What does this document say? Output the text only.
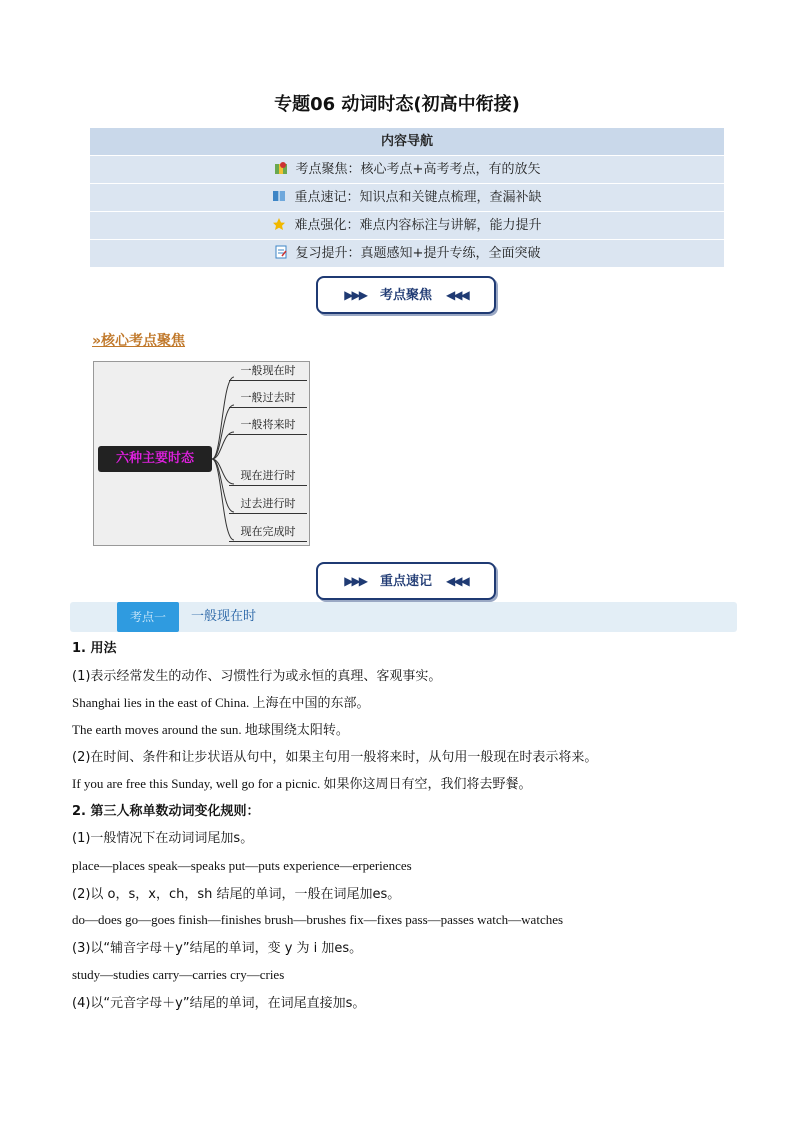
专题06 动词时态(初高中衔接)
内容导航
考点聚焦：核心考点+高考考点，有的放矢
重点速记：知识点和关键点梳理，查漏补缺
难点强化：难点内容标注与讲解，能力提升
复习提升：真题感知+提升专练，全面突破
▶▶▶ 考点聚焦 ◀◀◀
»核心考点聚焦
六种主要时态
一般现在时
一般过去时
一般将来时
现在进行时
过去进行时
现在完成时
▶▶▶ 重点速记 ◀◀◀
考点一	一般现在时
1. 用法
(1)表示经常发生的动作、习惯性行为或永恒的真理、客观事实。
Shanghai lies in the east of China. 上海在中国的东部。
The earth moves around the sun. 地球围绕太阳转。
(2)在时间、条件和让步状语从句中，如果主句用一般将来时，从句用一般现在时表示将来。
If you are free this Sunday, well go for a picnic. 如果你这周日有空，我们将去野餐。
2. 第三人称单数动词变化规则：
(1)一般情况下在动词词尾加s。
place—places speak—speaks put—puts experience—erperiences
(2)以 o，s，x，ch，sh 结尾的单词，一般在词尾加es。
do—does go—goes finish—finishes brush—brushes fix—fixes pass—passes watch—watches
(3)以“辅音字母＋y”结尾的单词，变 y 为 i 加es。
study—studies carry—carries cry—cries
(4)以“元音字母＋y”结尾的单词，在词尾直接加s。
